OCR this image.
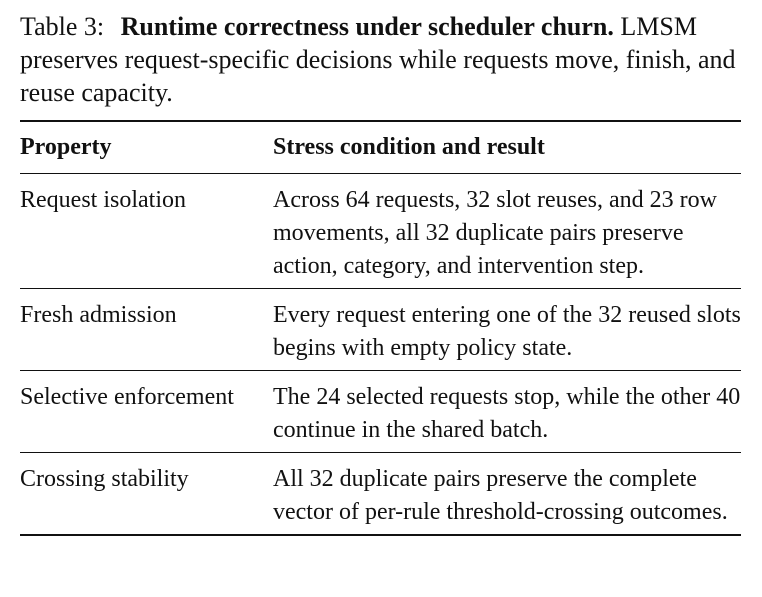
Table 3: Runtime correctness under scheduler churn. LMSM preserves request-specific decisions while requests move, finish, and reuse capacity.
Property	Stress condition and result
Request isolation	Across 64 requests, 32 slot reuses, and 23 row movements, all 32 duplicate pairs preserve action, category, and intervention step.
Fresh admission	Every request entering one of the 32 reused slots begins with empty policy state.
Selective enforcement	The 24 selected requests stop, while the other 40 continue in the shared batch.
Crossing stability	All 32 duplicate pairs preserve the complete vector of per-rule threshold-crossing outcomes.
